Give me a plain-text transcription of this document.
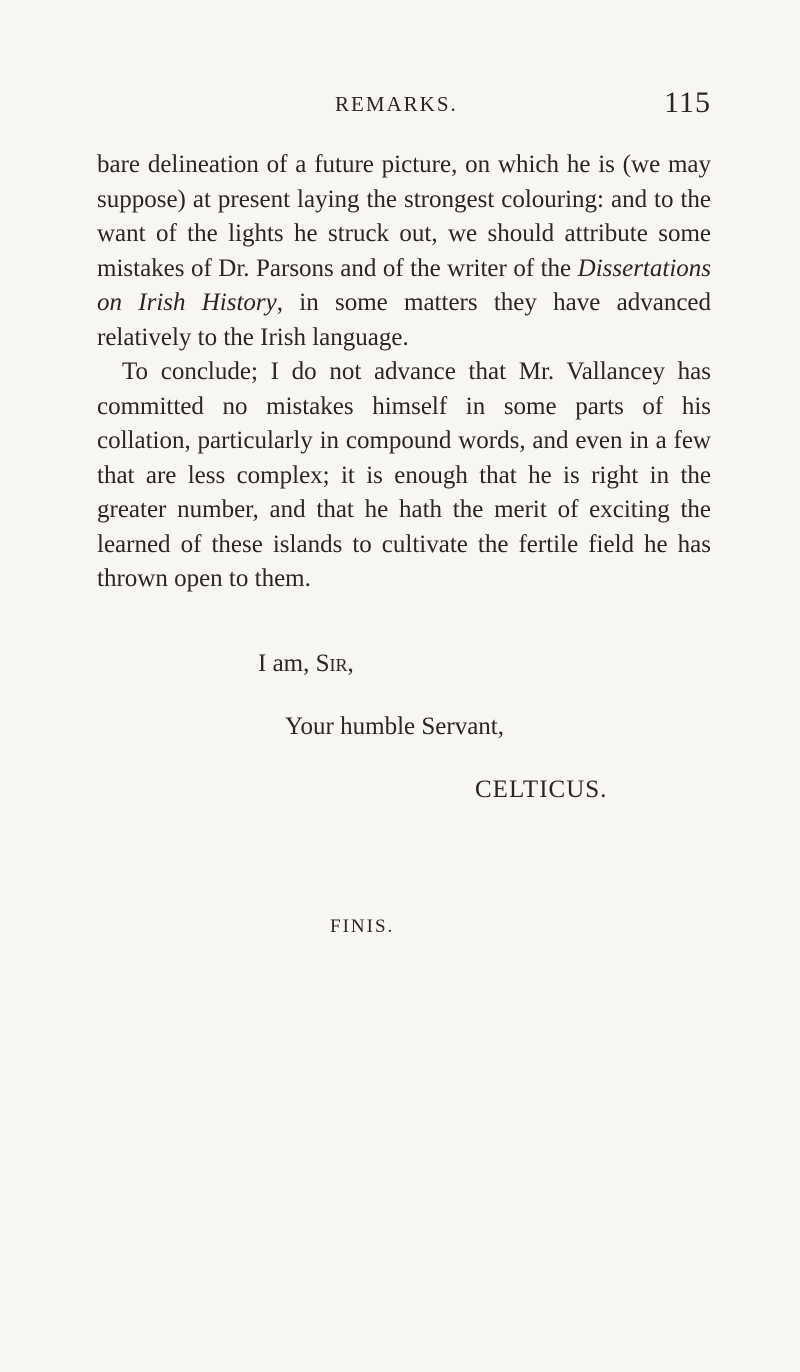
REMARKS.	115

bare delineation of a future picture, on which he is (we may suppose) at present laying the strongest colouring: and to the want of the lights he struck out, we should attribute some mistakes of Dr. Parsons and of the writer of the Dissertations on Irish History, in some matters they have advanced relatively to the Irish language.

To conclude; I do not advance that Mr. Vallancey has committed no mistakes himself in some parts of his collation, particularly in compound words, and even in a few that are less complex; it is enough that he is right in the greater number, and that he hath the merit of exciting the learned of these islands to cultivate the fertile field he has thrown open to them.

I am, Sir,
Your humble Servant,
CELTICUS.
FINIS.
